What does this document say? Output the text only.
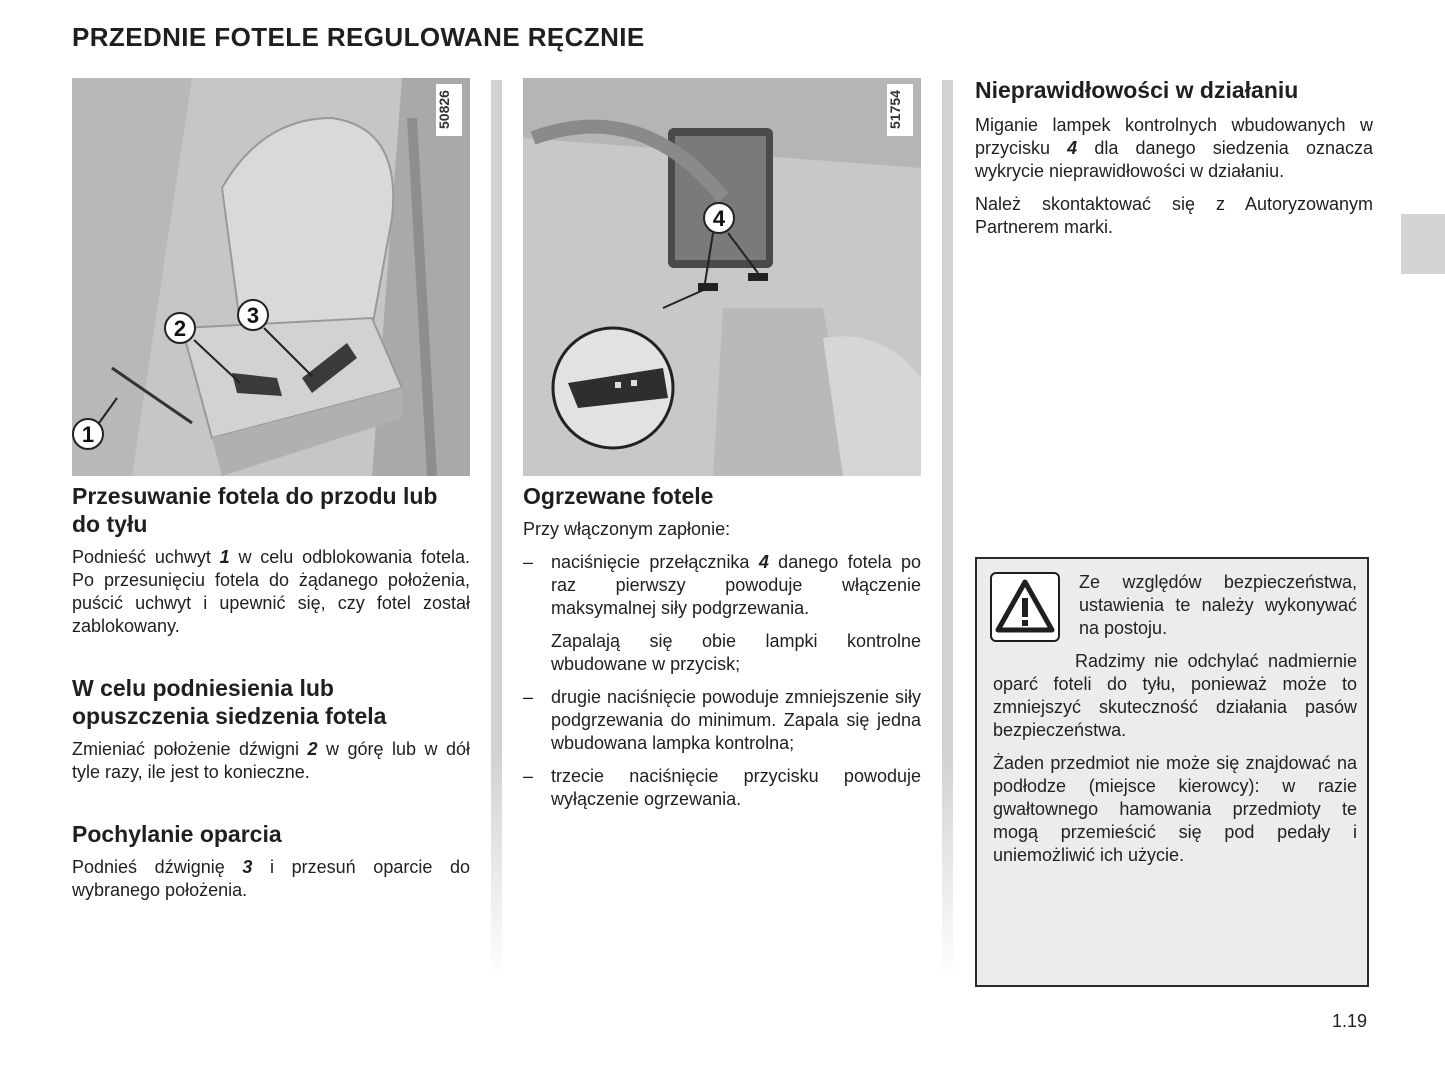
PRZEDNIE FOTELE REGULOWANE RĘCZNIE
1
2
3
50826
Przesuwanie fotela do przodu lub do tyłu

Podnieść uchwyt 1 w celu odblokowania fotela. Po przesunięciu fotela do żądanego położenia, puścić uchwyt i upewnić się, czy fotel został zablokowany.

W celu podniesienia lub opuszczenia siedzenia fotela

Zmieniać położenie dźwigni 2 w górę lub w dół tyle razy, ile jest to konieczne.

Pochylanie oparcia

Podnieś dźwignię 3 i przesuń oparcie do wybranego położenia.

4
51754
Ogrzewane fotele

Przy włączonym zapłonie:

– naciśnięcie przełącznika 4 danego fotela po raz pierwszy powoduje włączenie maksymalnej siły podgrzewania.
Zapalają się obie lampki kontrolne wbudowane w przycisk;
– drugie naciśnięcie powoduje zmniejszenie siły podgrzewania do minimum. Zapala się jedna wbudowana lampka kontrolna;
– trzecie naciśnięcie przycisku powoduje wyłączenie ogrzewania.
Nieprawidłowości w działaniu

Miganie lampek kontrolnych wbudowanych w przycisku 4 dla danego siedzenia oznacza wykrycie nieprawidłowości w działaniu.

Należ skontaktować się z Autoryzowanym Partnerem marki.

Ze względów bezpieczeństwa, ustawienia te należy wykonywać na postoju.

Radzimy nie odchylać nadmiernie oparć foteli do tyłu, ponieważ może to zmniejszyć skuteczność działania pasów bezpieczeństwa.

Żaden przedmiot nie może się znajdować na podłodze (miejsce kierowcy): w razie gwałtownego hamowania przedmioty te mogą przemieścić się pod pedały i uniemożliwić ich użycie.

1.19
